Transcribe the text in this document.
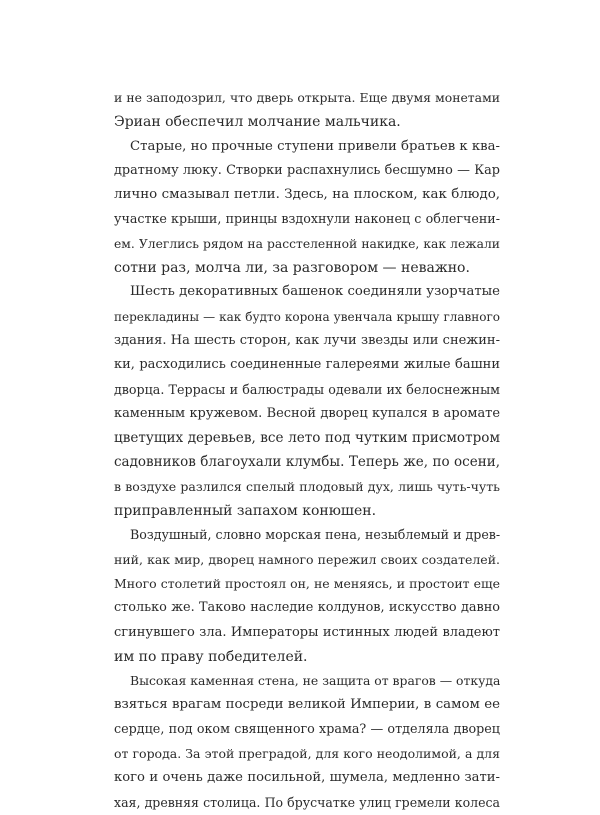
и не заподозрил, что дверь открыта. Еще двумя монетами
Эриан обеспечил молчание мальчика.
Старые, но прочные ступени привели братьев к ква-
дратному люку. Створки распахнулись бесшумно — Кар
лично смазывал петли. Здесь, на плоском, как блюдо,
участке крыши, принцы вздохнули наконец с облегчени-
ем. Улеглись рядом на расстеленной накидке, как лежали
сотни раз, молча ли, за разговором — неважно.
Шесть декоративных башенок соединяли узорчатые
перекладины — как будто корона увенчала крышу главного
здания. На шесть сторон, как лучи звезды или снежин-
ки, расходились соединенные галереями жилые башни
дворца. Террасы и балюстрады одевали их белоснежным
каменным кружевом. Весной дворец купался в аромате
цветущих деревьев, все лето под чутким присмотром
садовников благоухали клумбы. Теперь же, по осени,
в воздухе разлился спелый плодовый дух, лишь чуть-чуть
приправленный запахом конюшен.
Воздушный, словно морская пена, незыблемый и древ-
ний, как мир, дворец намного пережил своих создателей.
Много столетий простоял он, не меняясь, и простоит еще
столько же. Таково наследие колдунов, искусство давно
сгинувшего зла. Императоры истинных людей владеют
им по праву победителей.
Высокая каменная стена, не защита от врагов — откуда
взяться врагам посреди великой Империи, в самом ее
сердце, под оком священного храма? — отделяла дворец
от города. За этой преградой, для кого неодолимой, а для
кого и очень даже посильной, шумела, медленно зати-
хая, древняя столица. По брусчатке улиц гремели колеса
